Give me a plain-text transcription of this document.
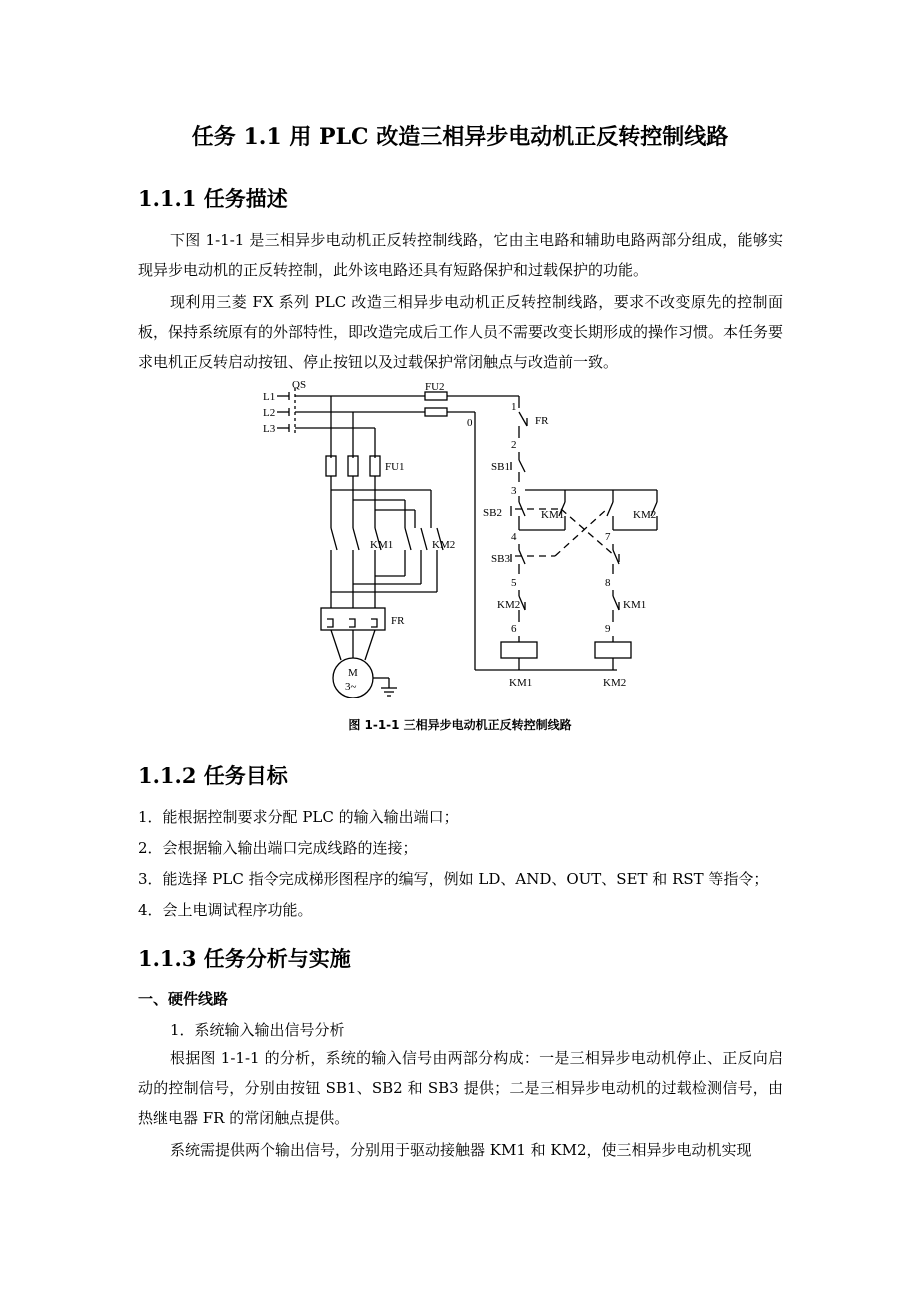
任务 1.1 用 PLC 改造三相异步电动机正反转控制线路
1.1.1 任务描述
下图 1-1-1 是三相异步电动机正反转控制线路，它由主电路和辅助电路两部分组成，能够实现异步电动机的正反转控制，此外该电路还具有短路保护和过载保护的功能。
现利用三菱 FX 系列 PLC 改造三相异步电动机正反转控制线路，要求不改变原先的控制面板，保持系统原有的外部特性，即改造完成后工作人员不需要改变长期形成的操作习惯。本任务要求电机正反转启动按钮、停止按钮以及过载保护常闭触点与改造前一致。
L1
L2
L3
QS
FU1
KM1	KM2
FR
M
3~
FU2
0
1
FR
2
SB1
3
SB2	KM1
4
SB3
5
KM2
6
KM1
KM2
7
8
KM1
9
KM2
图 1-1-1 三相异步电动机正反转控制线路
1.1.2 任务目标
1．能根据控制要求分配 PLC 的输入输出端口；
2．会根据输入输出端口完成线路的连接；
3．能选择 PLC 指令完成梯形图程序的编写，例如 LD、AND、OUT、SET 和 RST 等指令；
4．会上电调试程序功能。
1.1.3 任务分析与实施
一、硬件线路
1．系统输入输出信号分析
根据图 1-1-1 的分析，系统的输入信号由两部分构成：一是三相异步电动机停止、正反向启动的控制信号，分别由按钮 SB1、SB2 和 SB3 提供；二是三相异步电动机的过载检测信号，由热继电器 FR 的常闭触点提供。
系统需提供两个输出信号，分别用于驱动接触器 KM1 和 KM2，使三相异步电动机实现
